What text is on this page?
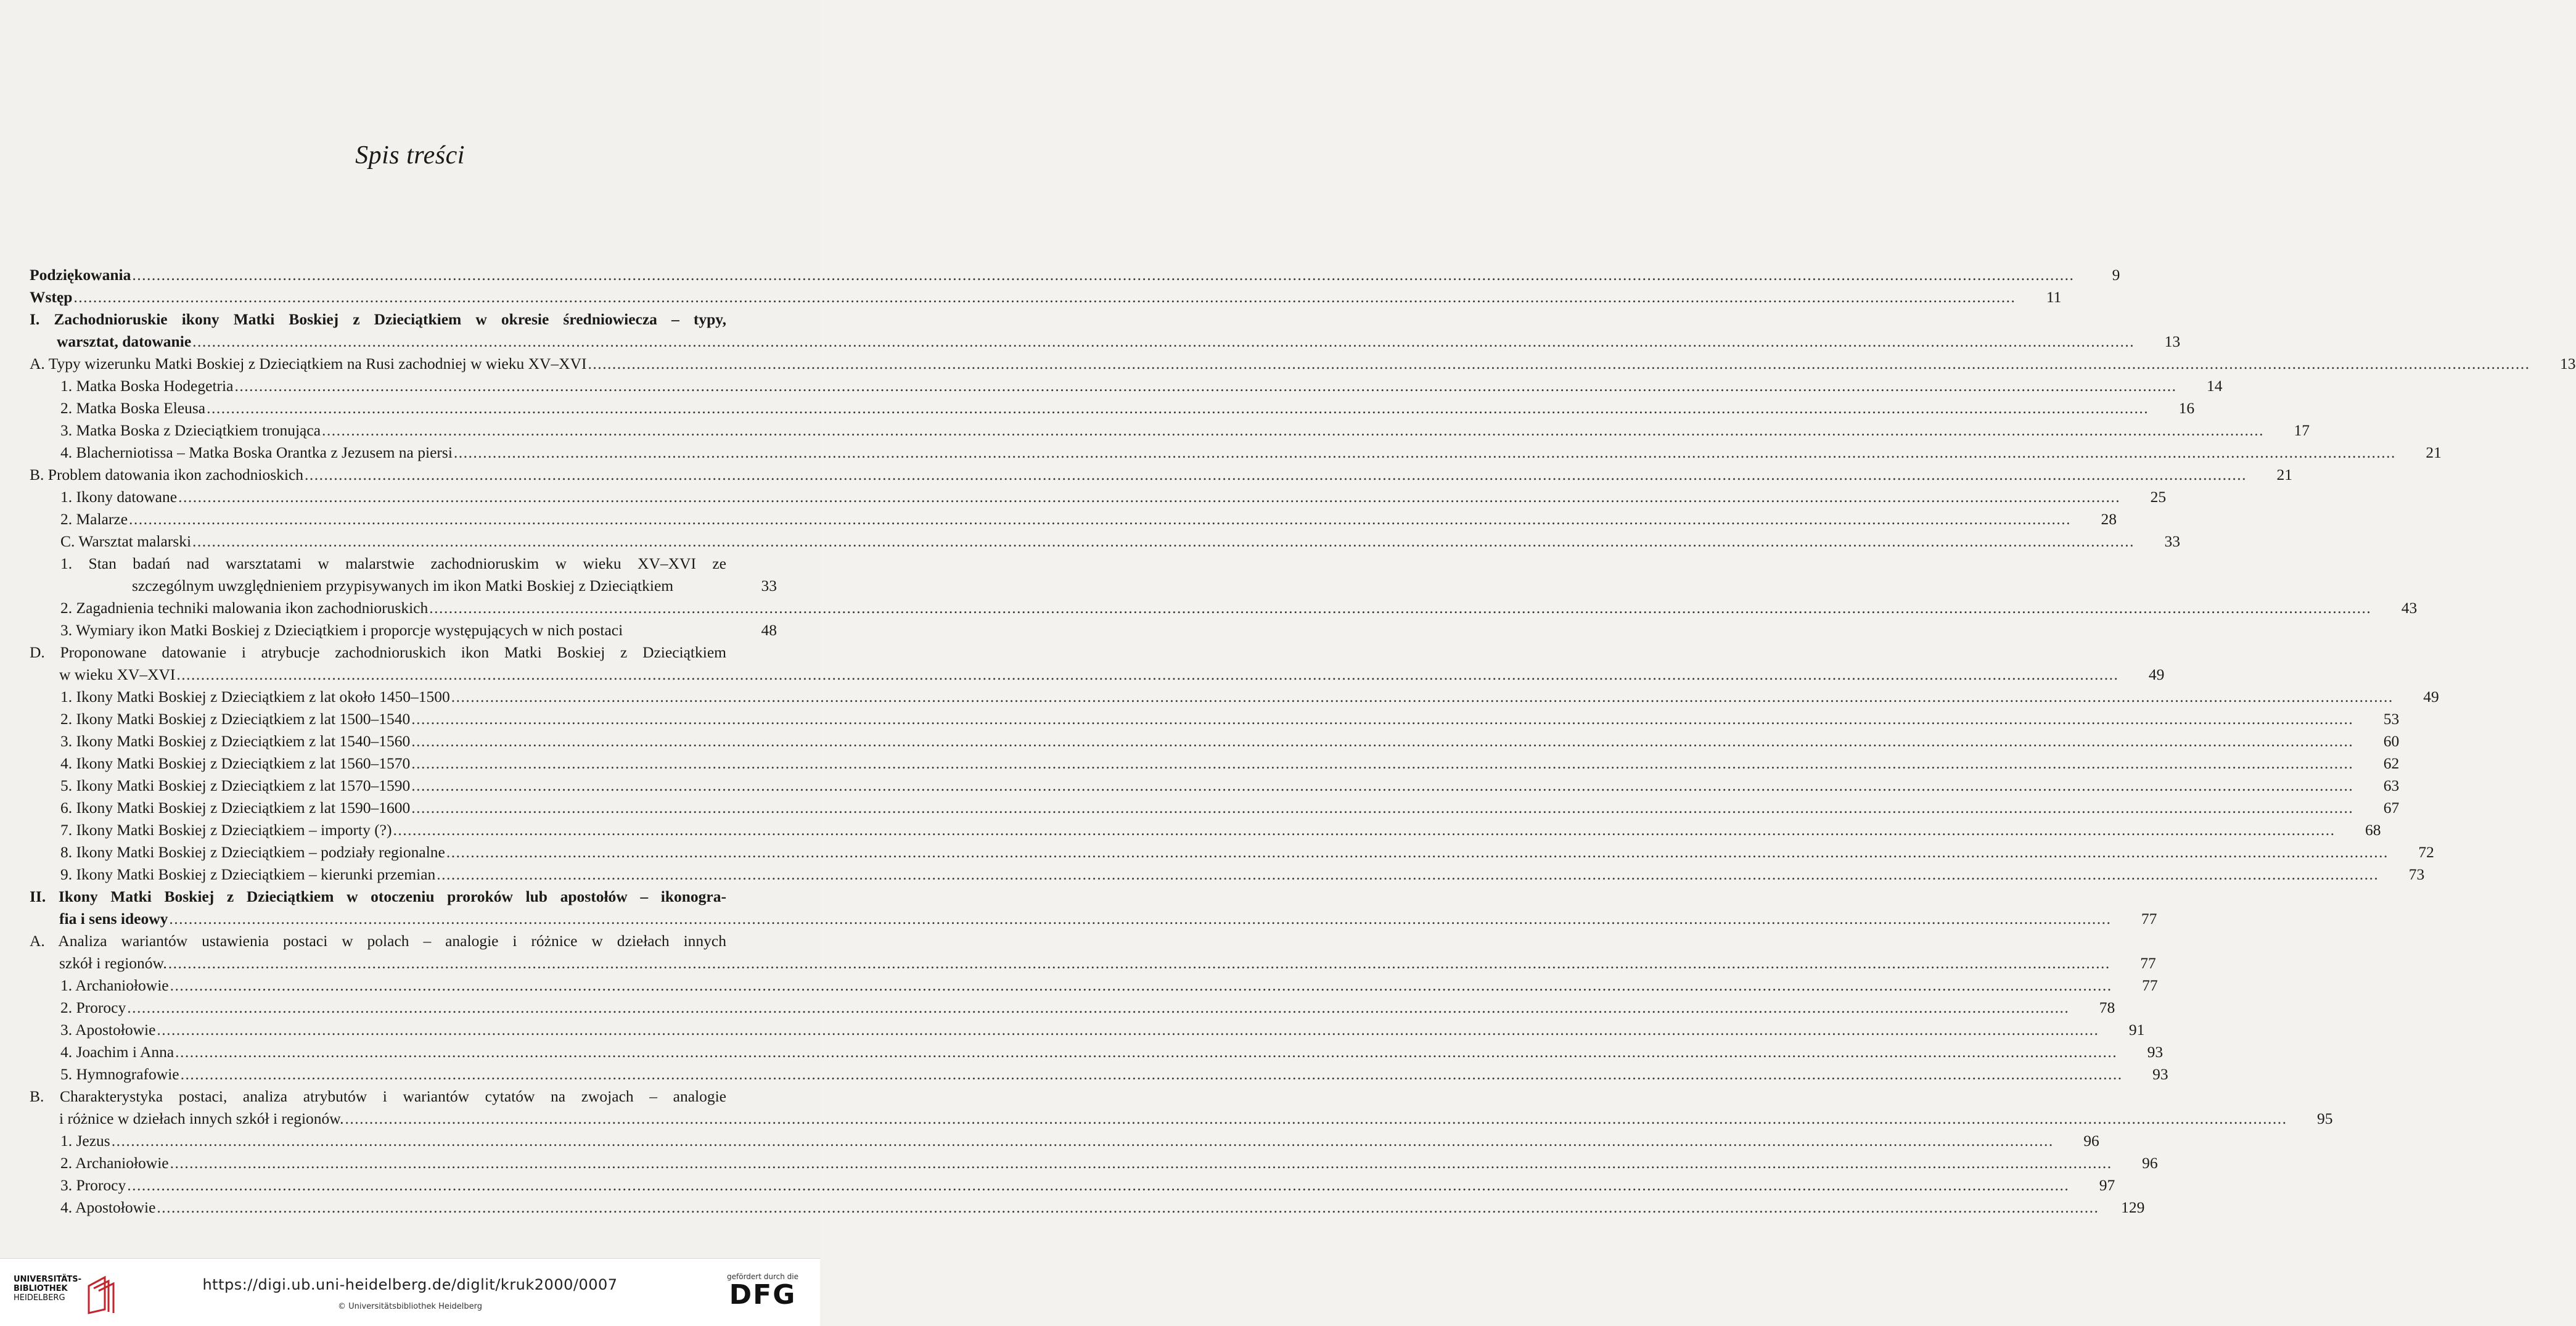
Spis treści
Podziękowania ................................................................................................................................................................................................................................................................................................................................................................................................................	9
Wstęp ................................................................................................................................................................................................................................................................................................................................................................................................................	11
I. Zachodnioruskie ikony Matki Boskiej z Dzieciątkiem w okresie średniowiecza – typy,
warsztat, datowanie ................................................................................................................................................................................................................................................................................................................................................................................................................	13
A. Typy wizerunku Matki Boskiej z Dzieciątkiem na Rusi zachodniej w wieku XV–XVI ................................................................................................................................................................................................................................................................................................................................................................................................................	13
1. Matka Boska Hodegetria ................................................................................................................................................................................................................................................................................................................................................................................................................	14
2. Matka Boska Eleusa ................................................................................................................................................................................................................................................................................................................................................................................................................	16
3. Matka Boska z Dzieciątkiem tronująca ................................................................................................................................................................................................................................................................................................................................................................................................................	17
4. Blacherniotissa – Matka Boska Orantka z Jezusem na piersi ................................................................................................................................................................................................................................................................................................................................................................................................................	21
B. Problem datowania ikon zachodnioskich ................................................................................................................................................................................................................................................................................................................................................................................................................	21
1. Ikony datowane ................................................................................................................................................................................................................................................................................................................................................................................................................	25
2. Malarze ................................................................................................................................................................................................................................................................................................................................................................................................................	28
C. Warsztat malarski ................................................................................................................................................................................................................................................................................................................................................................................................................	33
1. Stan badań nad warsztatami w malarstwie zachodnioruskim w wieku XV–XVI ze
szczególnym uwzględnieniem przypisywanych im ikon Matki Boskiej z Dzieciątkiem	33
2. Zagadnienia techniki malowania ikon zachodnioruskich ................................................................................................................................................................................................................................................................................................................................................................................................................	43
3. Wymiary ikon Matki Boskiej z Dzieciątkiem i proporcje występujących w nich postaci	48
D. Proponowane datowanie i atrybucje zachodnioruskich ikon Matki Boskiej z Dzieciątkiem
w wieku XV–XVI ................................................................................................................................................................................................................................................................................................................................................................................................................	49
1. Ikony Matki Boskiej z Dzieciątkiem z lat około 1450–1500 ................................................................................................................................................................................................................................................................................................................................................................................................................	49
2. Ikony Matki Boskiej z Dzieciątkiem z lat 1500–1540 ................................................................................................................................................................................................................................................................................................................................................................................................................	53
3. Ikony Matki Boskiej z Dzieciątkiem z lat 1540–1560 ................................................................................................................................................................................................................................................................................................................................................................................................................	60
4. Ikony Matki Boskiej z Dzieciątkiem z lat 1560–1570 ................................................................................................................................................................................................................................................................................................................................................................................................................	62
5. Ikony Matki Boskiej z Dzieciątkiem z lat 1570–1590 ................................................................................................................................................................................................................................................................................................................................................................................................................	63
6. Ikony Matki Boskiej z Dzieciątkiem z lat 1590–1600 ................................................................................................................................................................................................................................................................................................................................................................................................................	67
7. Ikony Matki Boskiej z Dzieciątkiem – importy (?) ................................................................................................................................................................................................................................................................................................................................................................................................................	68
8. Ikony Matki Boskiej z Dzieciątkiem – podziały regionalne ................................................................................................................................................................................................................................................................................................................................................................................................................	72
9. Ikony Matki Boskiej z Dzieciątkiem – kierunki przemian ................................................................................................................................................................................................................................................................................................................................................................................................................	73
II. Ikony Matki Boskiej z Dzieciątkiem w otoczeniu proroków lub apostołów – ikonogra-
fia i sens ideowy ................................................................................................................................................................................................................................................................................................................................................................................................................	77
A. Analiza wariantów ustawienia postaci w polach – analogie i różnice w dziełach innych
szkół i regionów. ................................................................................................................................................................................................................................................................................................................................................................................................................	77
1. Archaniołowie ................................................................................................................................................................................................................................................................................................................................................................................................................	77
2. Prorocy ................................................................................................................................................................................................................................................................................................................................................................................................................	78
3. Apostołowie ................................................................................................................................................................................................................................................................................................................................................................................................................	91
4. Joachim i Anna ................................................................................................................................................................................................................................................................................................................................................................................................................	93
5. Hymnografowie ................................................................................................................................................................................................................................................................................................................................................................................................................	93
B. Charakterystyka postaci, analiza atrybutów i wariantów cytatów na zwojach – analogie
i różnice w dziełach innych szkół i regionów. ................................................................................................................................................................................................................................................................................................................................................................................................................	95
1. Jezus ................................................................................................................................................................................................................................................................................................................................................................................................................	96
2. Archaniołowie ................................................................................................................................................................................................................................................................................................................................................................................................................	96
3. Prorocy ................................................................................................................................................................................................................................................................................................................................................................................................................	97
4. Apostołowie ................................................................................................................................................................................................................................................................................................................................................................................................................	129
UNIVERSITÄTS-
BIBLIOTHEK
HEIDELBERG
https://digi.ub.uni-heidelberg.de/diglit/kruk2000/0007
© Universitätsbibliothek Heidelberg
gefördert durch die
DFG
